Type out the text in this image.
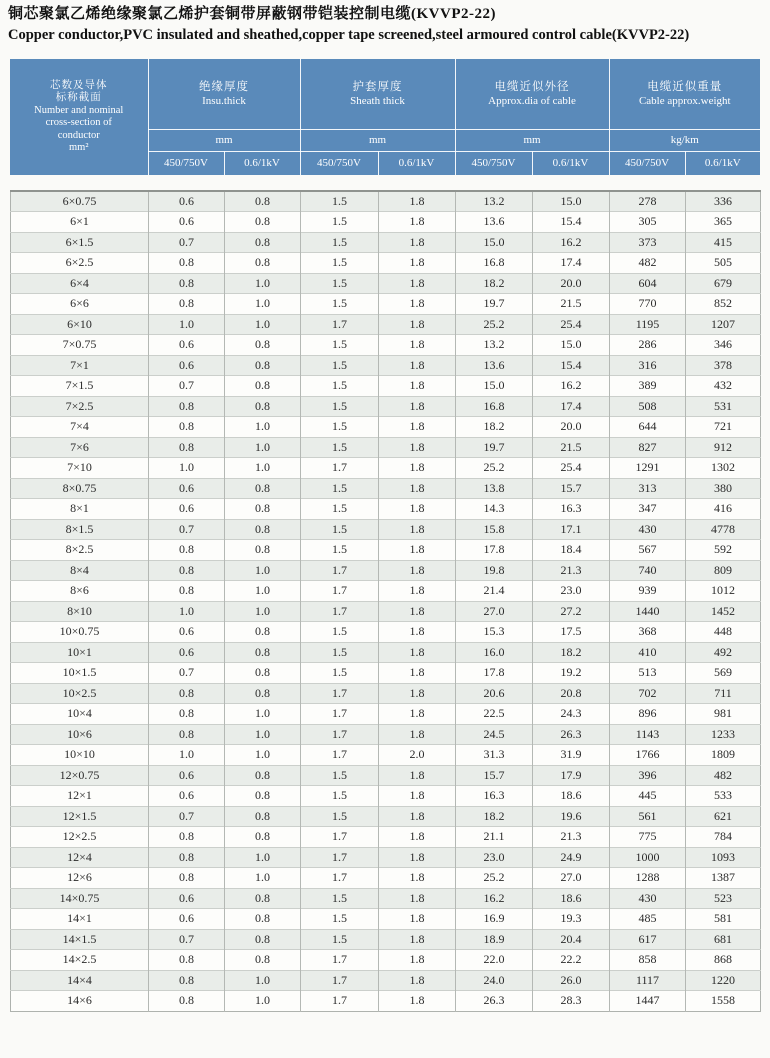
铜芯聚氯乙烯绝缘聚氯乙烯护套铜带屏蔽钢带铠装控制电缆(KVVP2-22)
Copper conductor,PVC insulated and sheathed,copper tape screened,steel armoured control cable(KVVP2-22)
芯数及导体
标称截面
Number and nominal
cross-section of
conductor
mm²

绝缘厚度
Insu.thick

护套厚度
Sheath thick

电缆近似外径
Approx.dia of cable

电缆近似重量
Cable approx.weight

	mm		mm		mm		kg/km	
	450/750V	0.6/1kV	450/750V	0.6/1kV	450/750V	0.6/1kV	450/750V	0.6/1kV
6×0.75	0.6	0.8	1.5	1.8	13.2	15.0	278	336
6×1	0.6	0.8	1.5	1.8	13.6	15.4	305	365
6×1.5	0.7	0.8	1.5	1.8	15.0	16.2	373	415
6×2.5	0.8	0.8	1.5	1.8	16.8	17.4	482	505
6×4	0.8	1.0	1.5	1.8	18.2	20.0	604	679
6×6	0.8	1.0	1.5	1.8	19.7	21.5	770	852
6×10	1.0	1.0	1.7	1.8	25.2	25.4	1195	1207
7×0.75	0.6	0.8	1.5	1.8	13.2	15.0	286	346
7×1	0.6	0.8	1.5	1.8	13.6	15.4	316	378
7×1.5	0.7	0.8	1.5	1.8	15.0	16.2	389	432
7×2.5	0.8	0.8	1.5	1.8	16.8	17.4	508	531
7×4	0.8	1.0	1.5	1.8	18.2	20.0	644	721
7×6	0.8	1.0	1.5	1.8	19.7	21.5	827	912
7×10	1.0	1.0	1.7	1.8	25.2	25.4	1291	1302
8×0.75	0.6	0.8	1.5	1.8	13.8	15.7	313	380
8×1	0.6	0.8	1.5	1.8	14.3	16.3	347	416
8×1.5	0.7	0.8	1.5	1.8	15.8	17.1	430	4778
8×2.5	0.8	0.8	1.5	1.8	17.8	18.4	567	592
8×4	0.8	1.0	1.7	1.8	19.8	21.3	740	809
8×6	0.8	1.0	1.7	1.8	21.4	23.0	939	1012
8×10	1.0	1.0	1.7	1.8	27.0	27.2	1440	1452
10×0.75	0.6	0.8	1.5	1.8	15.3	17.5	368	448
10×1	0.6	0.8	1.5	1.8	16.0	18.2	410	492
10×1.5	0.7	0.8	1.5	1.8	17.8	19.2	513	569
10×2.5	0.8	0.8	1.7	1.8	20.6	20.8	702	711
10×4	0.8	1.0	1.7	1.8	22.5	24.3	896	981
10×6	0.8	1.0	1.7	1.8	24.5	26.3	1143	1233
10×10	1.0	1.0	1.7	2.0	31.3	31.9	1766	1809
12×0.75	0.6	0.8	1.5	1.8	15.7	17.9	396	482
12×1	0.6	0.8	1.5	1.8	16.3	18.6	445	533
12×1.5	0.7	0.8	1.5	1.8	18.2	19.6	561	621
12×2.5	0.8	0.8	1.7	1.8	21.1	21.3	775	784
12×4	0.8	1.0	1.7	1.8	23.0	24.9	1000	1093
12×6	0.8	1.0	1.7	1.8	25.2	27.0	1288	1387
14×0.75	0.6	0.8	1.5	1.8	16.2	18.6	430	523
14×1	0.6	0.8	1.5	1.8	16.9	19.3	485	581
14×1.5	0.7	0.8	1.5	1.8	18.9	20.4	617	681
14×2.5	0.8	0.8	1.7	1.8	22.0	22.2	858	868
14×4	0.8	1.0	1.7	1.8	24.0	26.0	1117	1220
14×6	0.8	1.0	1.7	1.8	26.3	28.3	1447	1558
